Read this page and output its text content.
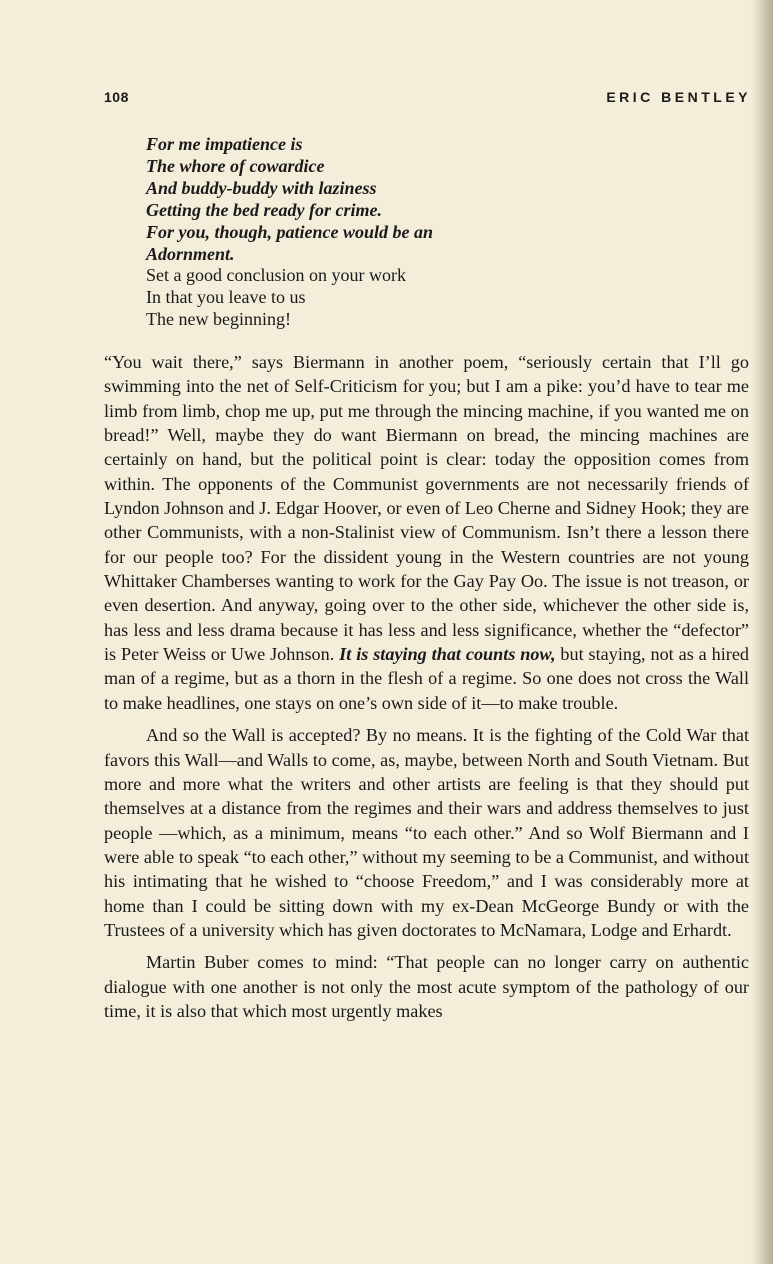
108	ERIC BENTLEY
For me impatience is
The whore of cowardice
And buddy-buddy with laziness
Getting the bed ready for crime.
For you, though, patience would be an
Adornment.
Set a good conclusion on your work
In that you leave to us
The new beginning!

“You wait there,” says Biermann in another poem, “seriously certain that I’ll go swimming into the net of Self-Criticism for you; but I am a pike: you’d have to tear me limb from limb, chop me up, put me through the mincing machine, if you wanted me on bread!” Well, maybe they do want Biermann on bread, the mincing machines are certainly on hand, but the political point is clear: today the opposition comes from within. The opponents of the Communist governments are not necessarily friends of Lyndon Johnson and J. Edgar Hoover, or even of Leo Cherne and Sidney Hook; they are other Communists, with a non-Stalinist view of Communism. Isn’t there a lesson there for our people too? For the dissident young in the Western countries are not young Whittaker Chamberses wanting to work for the Gay Pay Oo. The issue is not treason, or even desertion. And anyway, going over to the other side, whichever the other side is, has less and less drama because it has less and less significance, whether the “defector” is Peter Weiss or Uwe Johnson. It is staying that counts now, but staying, not as a hired man of a regime, but as a thorn in the flesh of a regime. So one does not cross the Wall to make headlines, one stays on one’s own side of it—to make trouble.

And so the Wall is accepted? By no means. It is the fighting of the Cold War that favors this Wall—and Walls to come, as, maybe, between North and South Vietnam. But more and more what the writers and other artists are feeling is that they should put themselves at a distance from the regimes and their wars and address themselves to just people —which, as a minimum, means “to each other.” And so Wolf Biermann and I were able to speak “to each other,” without my seeming to be a Communist, and without his intimating that he wished to “choose Freedom,” and I was considerably more at home than I could be sitting down with my ex-Dean McGeorge Bundy or with the Trustees of a university which has given doctorates to McNamara, Lodge and Erhardt.

Martin Buber comes to mind: “That people can no longer carry on authentic dialogue with one another is not only the most acute symptom of the pathology of our time, it is also that which most urgently makes
